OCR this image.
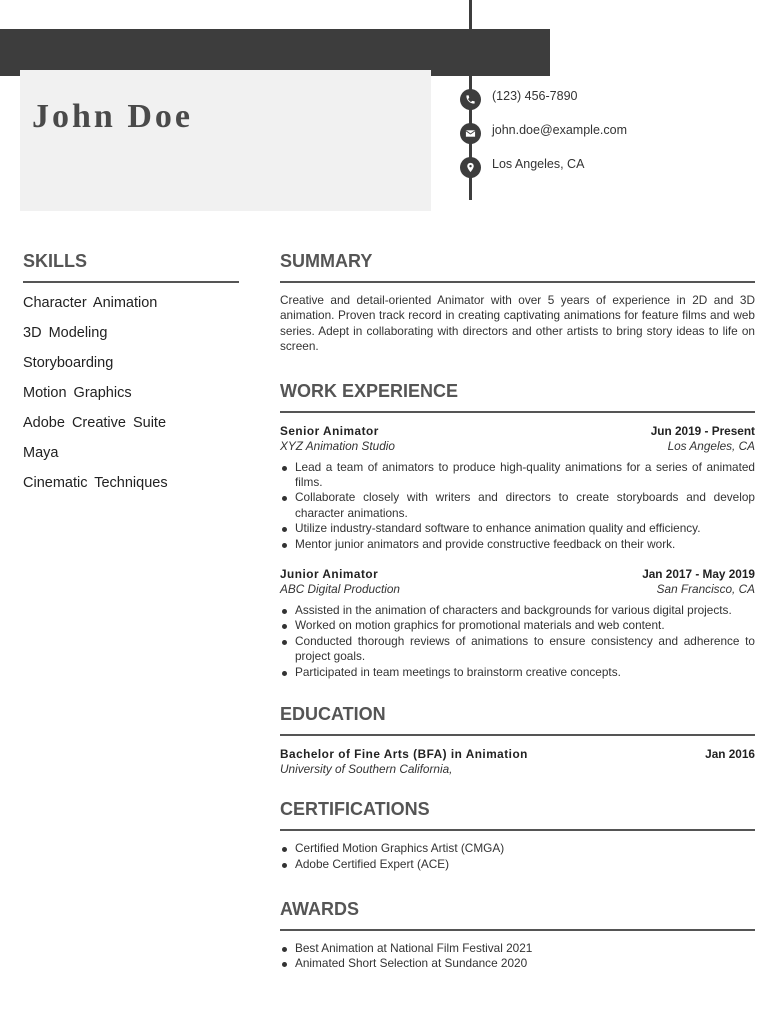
John Doe
(123) 456-7890
john.doe@example.com
Los Angeles, CA
SKILLS
Character Animation
3D Modeling
Storyboarding
Motion Graphics
Adobe Creative Suite
Maya
Cinematic Techniques
SUMMARY

Creative and detail-oriented Animator with over 5 years of experience in 2D and 3D animation. Proven track record in creating captivating animations for feature films and web series. Adept in collaborating with directors and other artists to bring story ideas to life on screen.

WORK EXPERIENCE
Senior Animator	Jun 2019 - Present
XYZ Animation Studio	Los Angeles, CA
Lead a team of animators to produce high-quality animations for a series of animated films.
Collaborate closely with writers and directors to create storyboards and develop character animations.
Utilize industry-standard software to enhance animation quality and efficiency.
Mentor junior animators and provide constructive feedback on their work.
Junior Animator	Jan 2017 - May 2019
ABC Digital Production	San Francisco, CA
Assisted in the animation of characters and backgrounds for various digital projects.
Worked on motion graphics for promotional materials and web content.
Conducted thorough reviews of animations to ensure consistency and adherence to project goals.
Participated in team meetings to brainstorm creative concepts.
EDUCATION
Bachelor of Fine Arts (BFA) in Animation	Jan 2016
University of Southern California,
CERTIFICATIONS
Certified Motion Graphics Artist (CMGA)
Adobe Certified Expert (ACE)
AWARDS
Best Animation at National Film Festival 2021
Animated Short Selection at Sundance 2020
